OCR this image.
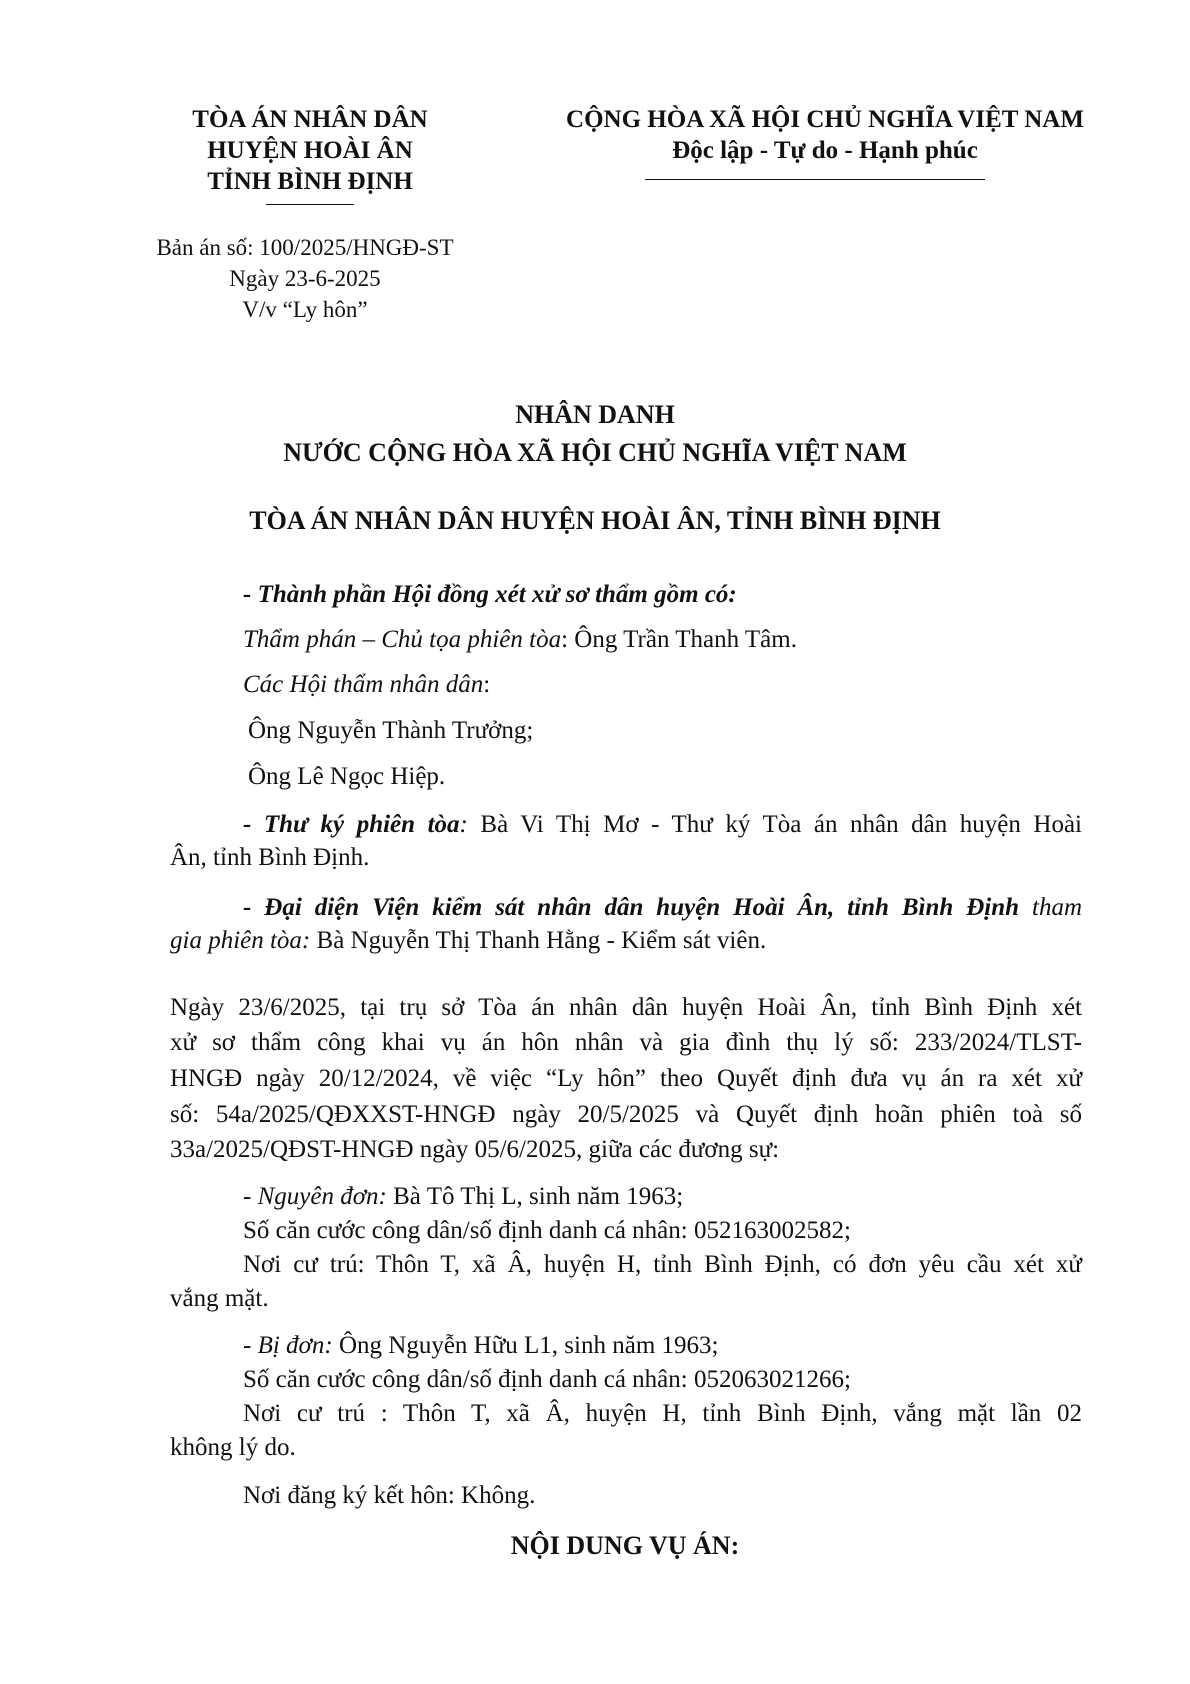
TÒA ÁN NHÂN DÂN
HUYỆN HOÀI ÂN
TỈNH BÌNH ĐỊNH
CỘNG HÒA XÃ HỘI CHỦ NGHĨA VIỆT NAM
Độc lập - Tự do - Hạnh phúc
Bản án số: 100/2025/HNGĐ-ST
Ngày 23-6-2025
V/v “Ly hôn”
NHÂN DANH
NƯỚC CỘNG HÒA XÃ HỘI CHỦ NGHĨA VIỆT NAM
TÒA ÁN NHÂN DÂN HUYỆN HOÀI ÂN, TỈNH BÌNH ĐỊNH
- Thành phần Hội đồng xét xử sơ thẩm gồm có:
Thẩm phán – Chủ tọa phiên tòa: Ông Trần Thanh Tâm.
Các Hội thẩm nhân dân:
Ông Nguyễn Thành Trưởng;
Ông Lê Ngọc Hiệp.
- Thư ký phiên tòa: Bà Vi Thị Mơ - Thư ký Tòa án nhân dân huyện Hoài
Ân, tỉnh Bình Định.
- Đại diện Viện kiểm sát nhân dân huyện Hoài Ân, tỉnh Bình Định tham
gia phiên tòa: Bà Nguyễn Thị Thanh Hằng - Kiểm sát viên.
Ngày 23/6/2025, tại trụ sở Tòa án nhân dân huyện Hoài Ân, tỉnh Bình Định xét
xử sơ thẩm công khai vụ án hôn nhân và gia đình thụ lý số: 233/2024/TLST-
HNGĐ ngày 20/12/2024, về việc “Ly hôn” theo Quyết định đưa vụ án ra xét xử
số: 54a/2025/QĐXXST-HNGĐ ngày 20/5/2025 và Quyết định hoãn phiên toà số
33a/2025/QĐST-HNGĐ ngày 05/6/2025, giữa các đương sự:
- Nguyên đơn: Bà Tô Thị L, sinh năm 1963;
Số căn cước công dân/số định danh cá nhân: 052163002582;
Nơi cư trú: Thôn T, xã Â, huyện H, tỉnh Bình Định, có đơn yêu cầu xét xử
vắng mặt.
- Bị đơn: Ông Nguyễn Hữu L1, sinh năm 1963;
Số căn cước công dân/số định danh cá nhân: 052063021266;
Nơi cư trú : Thôn T, xã Â, huyện H, tỉnh Bình Định, vắng mặt lần 02
không lý do.
Nơi đăng ký kết hôn: Không.
NỘI DUNG VỤ ÁN:
